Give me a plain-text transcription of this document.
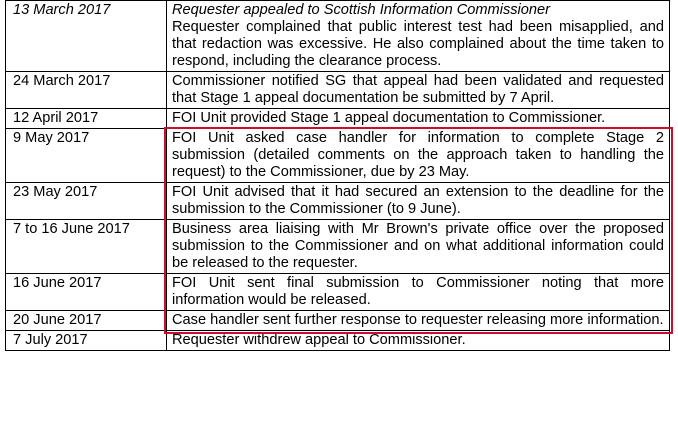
13 March 2017	Requester appealed to Scottish Information Commissioner
Requester complained that public interest test had been misapplied, and that redaction was excessive. He also complained about the time taken to respond, including the clearance process.

24 March 2017	Commissioner notified SG that appeal had been validated and requested that Stage 1 appeal documentation be submitted by 7 April.
12 April 2017	FOI Unit provided Stage 1 appeal documentation to Commissioner.
9 May 2017	FOI Unit asked case handler for information to complete Stage 2 submission (detailed comments on the approach taken to handling the request) to the Commissioner, due by 23 May.
23 May 2017	FOI Unit advised that it had secured an extension to the deadline for the submission to the Commissioner (to 9 June).
7 to 16 June 2017	Business area liaising with Mr Brown's private office over the proposed submission to the Commissioner and on what additional information could be released to the requester.
16 June 2017	FOI Unit sent final submission to Commissioner noting that more information would be released.
20 June 2017	Case handler sent further response to requester releasing more information.
7 July 2017	Requester withdrew appeal to Commissioner.
